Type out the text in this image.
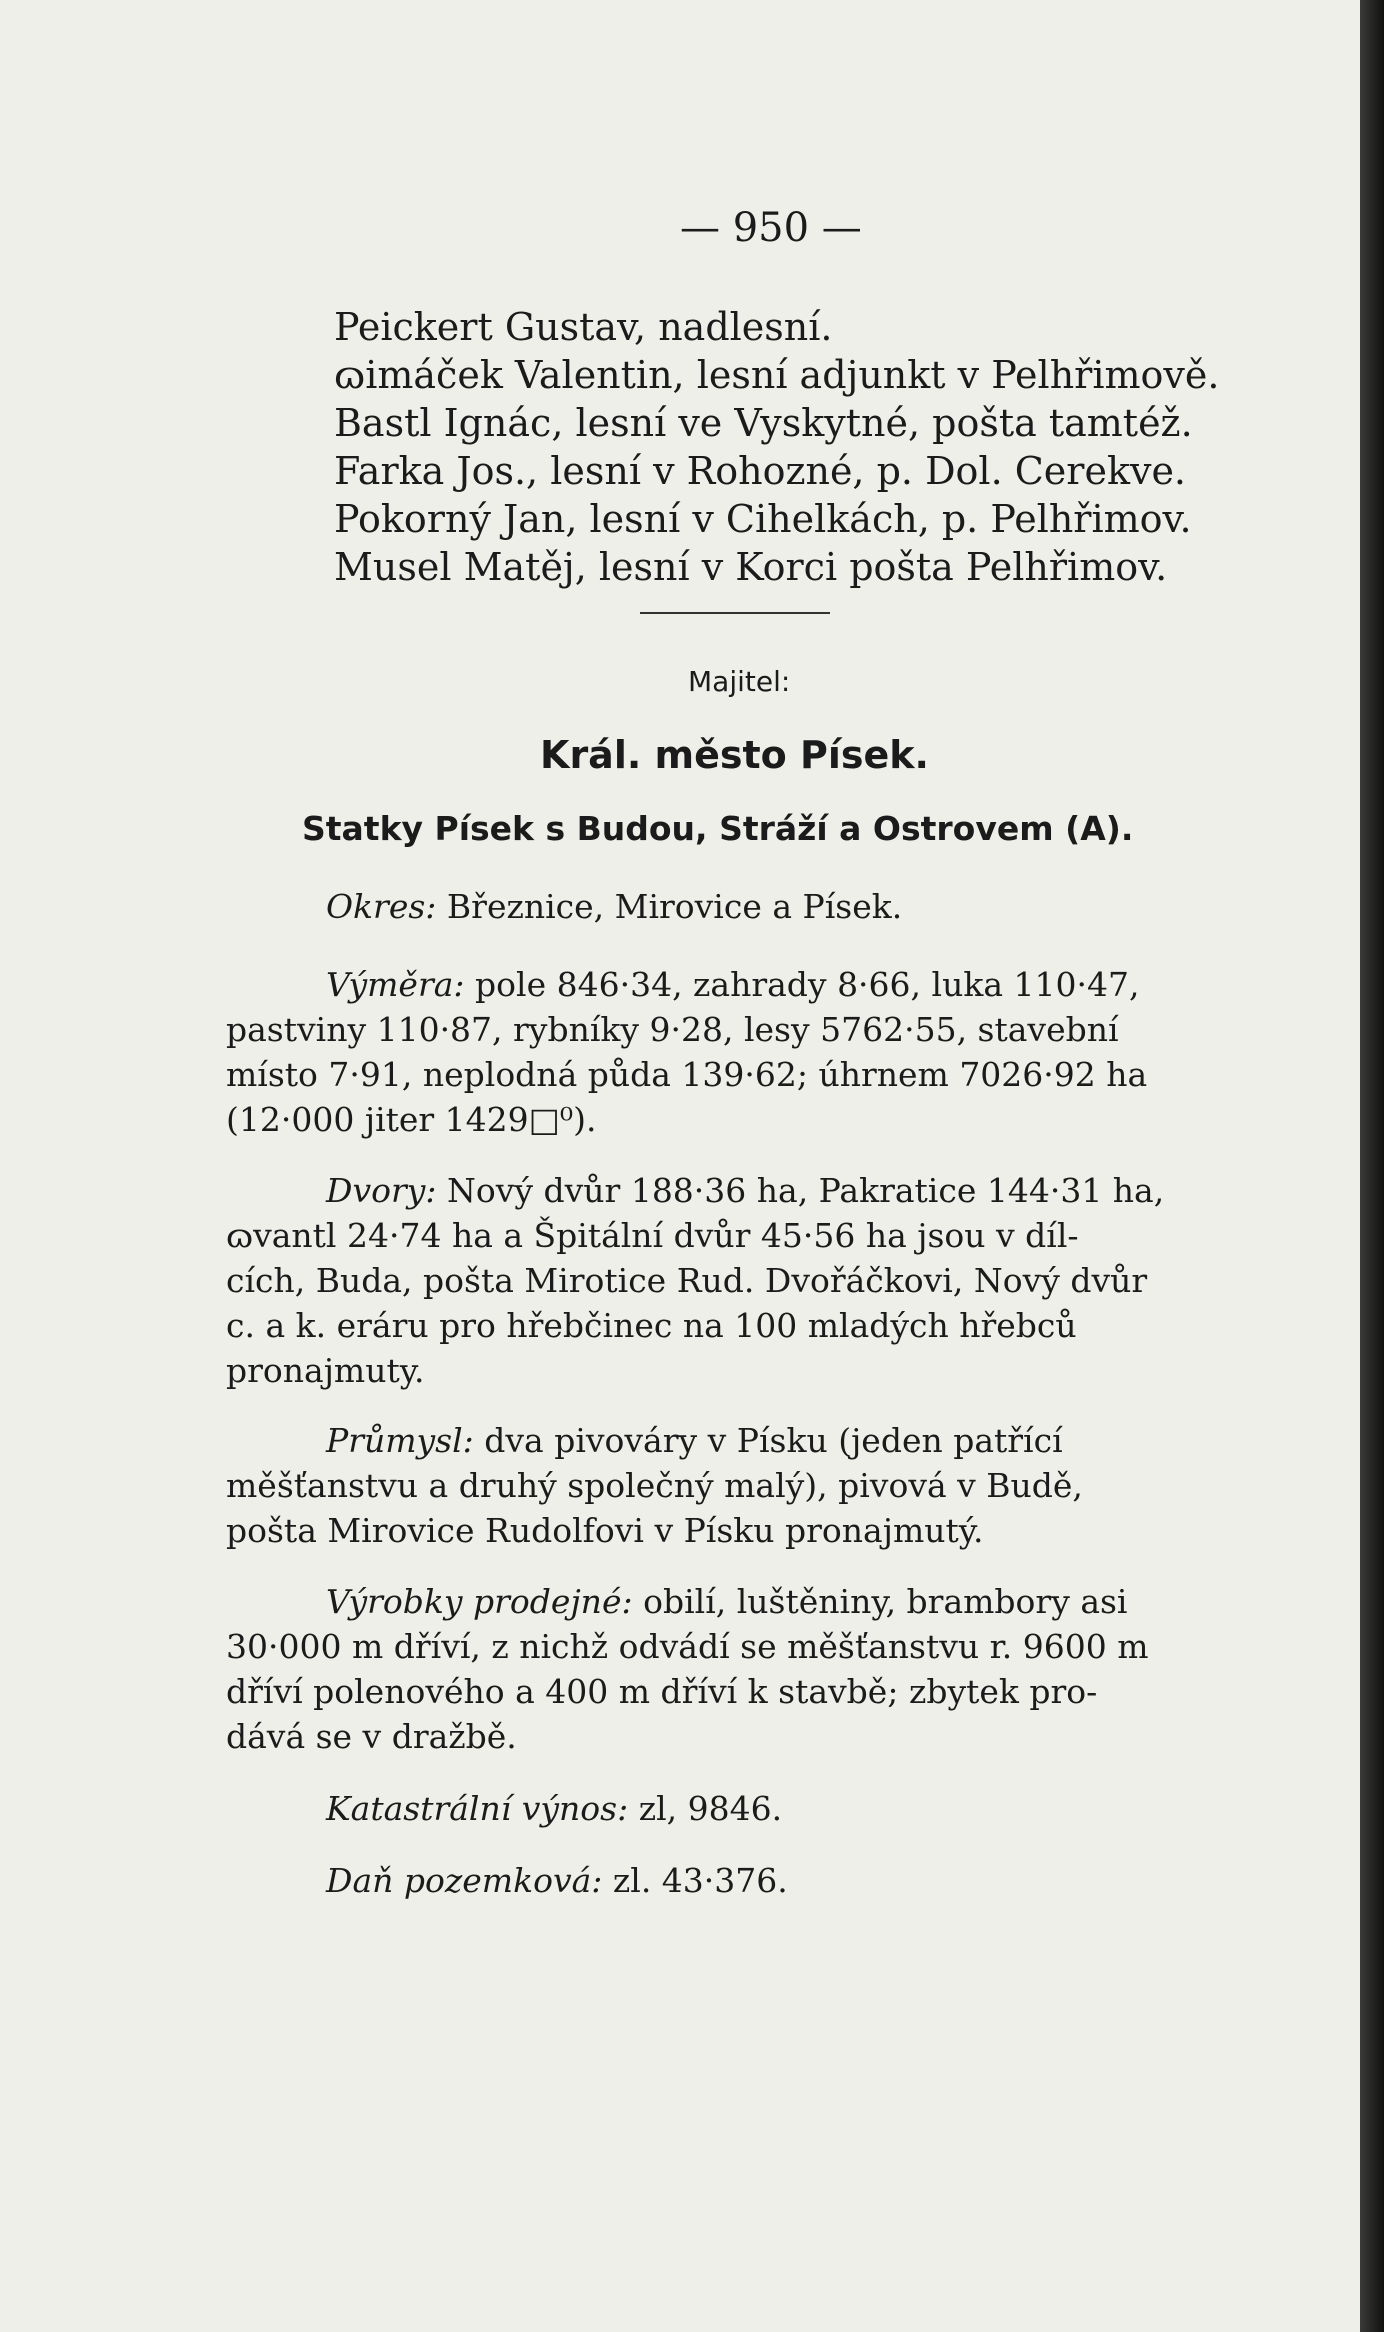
— 950 —
Peickert Gustav, nadlesní.
ɷimáček Valentin, lesní adjunkt v Pelhřimově.
Bastl Ignác, lesní ve Vyskytné, pošta tamtéž.
Farka Jos., lesní v Rohozné, p. Dol. Cerekve.
Pokorný Jan, lesní v Cihelkách, p. Pelhřimov.
Musel Matěj, lesní v Korci pošta Pelhřimov.
Majitel:
Král. město Písek.
Statky Písek s Budou, Stráží a Ostrovem (A).
Okres: Březnice, Mirovice a Písek.
Výměra: pole 846·34, zahrady 8·66, luka 110·47,
pastviny 110·87, rybníky 9·28, lesy 5762·55, stavební
místo 7·91, neplodná půda 139·62; úhrnem 7026·92 ha
(12·000 jiter 1429□⁰).
Dvory: Nový dvůr 188·36 ha, Pakratice 144·31 ha,
ɷvantl 24·74 ha a Špitální dvůr 45·56 ha jsou v díl-
cích, Buda, pošta Mirotice Rud. Dvořáčkovi, Nový dvůr
c. a k. eráru pro hřebčinec na 100 mladých hřebců
pronajmuty.
Průmysl: dva pivováry v Písku (jeden patřící
měšťanstvu a druhý společný malý), pivová v Budě,
pošta Mirovice Rudolfovi v Písku pronajmutý.
Výrobky prodejné: obilí, luštěniny, brambory asi
30·000 m dříví, z nichž odvádí se měšťanstvu r. 9600 m
dříví polenového a 400 m dříví k stavbě; zbytek pro-
dává se v dražbě.
Katastrální výnos: zl, 9846.
Daň pozemková: zl. 43·376.
